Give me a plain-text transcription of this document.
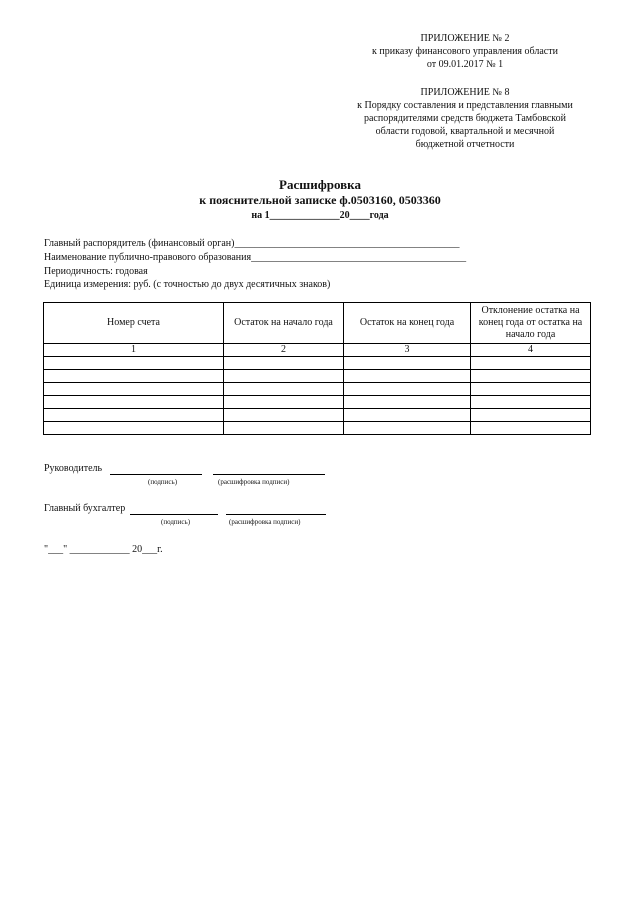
ПРИЛОЖЕНИЕ № 2
к приказу финансового управления области
от 09.01.2017 № 1
ПРИЛОЖЕНИЕ № 8
к Порядку составления и представления главными
распорядителями средств бюджета Тамбовской
области годовой, квартальной и месячной
бюджетной отчетности
Расшифровка
к пояснительной записке ф.0503160, 0503360
на 1______________20____года
Главный распорядитель (финансовый орган)_____________________________________________
Наименование публично-правового образования___________________________________________
Периодичность: годовая
Единица измерения: руб. (с точностью до двух десятичных знаков)
Номер счета	Остаток на начало года	Остаток на конец года	Отклонение остатка на конец года от остатка на начало года
1	2	3	4

Руководитель
(подпись)	(расшифровка подписи)
Главный бухгалтер
(подпись)	(расшифровка подписи)
"___" ____________ 20___г.
